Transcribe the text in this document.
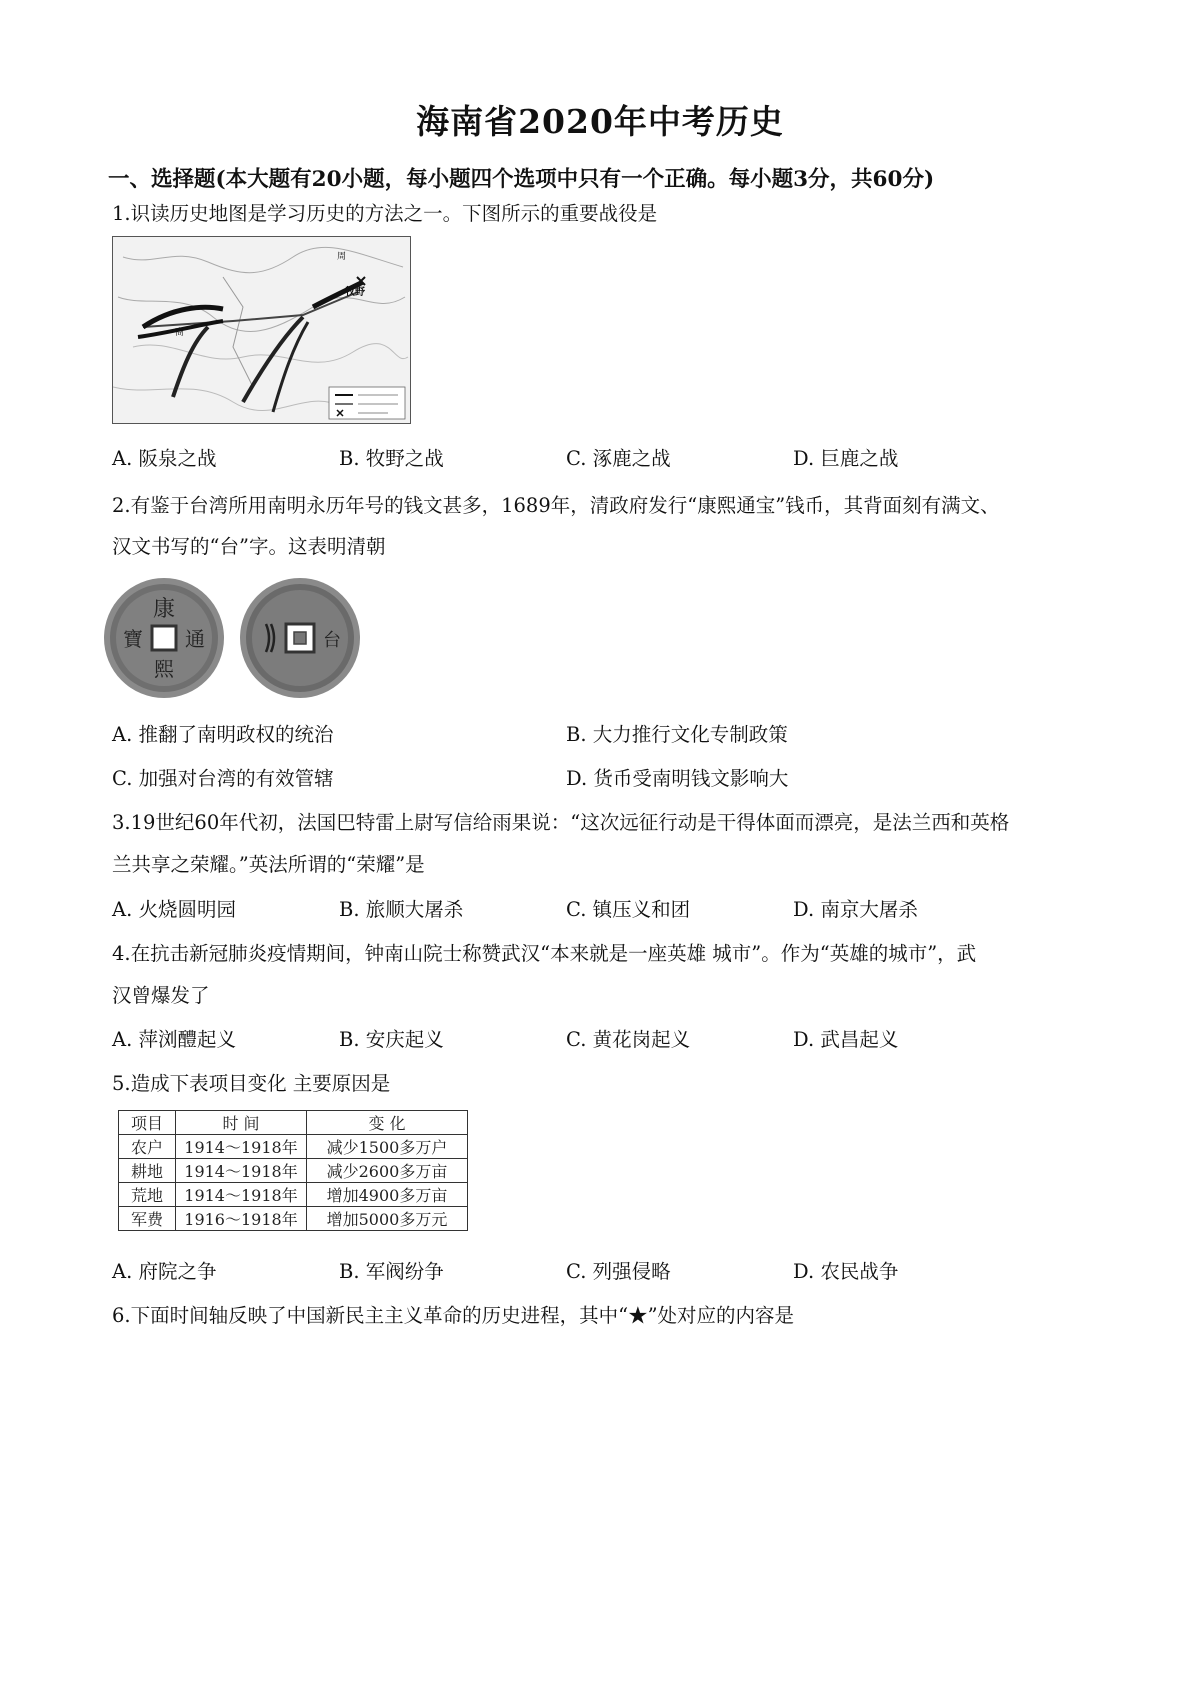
海南省2020年中考历史
一、选择题(本大题有20小题，每小题四个选项中只有一个正确。每小题3分，共60分)
1.识读历史地图是学习历史的方法之一。下图所示的重要战役是
牧野
商
周
A. 阪泉之战	B. 牧野之战	C. 涿鹿之战	D. 巨鹿之战
2.有鉴于台湾所用南明永历年号的钱文甚多，1689年，清政府发行“康熙通宝”钱币，其背面刻有满文、
汉文书写的“台”字。这表明清朝
康
通
寶
熙
台
A. 推翻了南明政权的统治	B. 大力推行文化专制政策
C. 加强对台湾的有效管辖	D. 货币受南明钱文影响大
3.19世纪60年代初，法国巴特雷上尉写信给雨果说：“这次远征行动是干得体面而漂亮，是法兰西和英格
兰共享之荣耀。”英法所谓的“荣耀”是
A. 火烧圆明园	B. 旅顺大屠杀	C. 镇压义和团	D. 南京大屠杀
4.在抗击新冠肺炎疫情期间，钟南山院士称赞武汉“本来就是一座英雄 城市”。作为“英雄的城市”，武
汉曾爆发了
A. 萍浏醴起义	B. 安庆起义	C. 黄花岗起义	D. 武昌起义
5.造成下表项目变化 主要原因是
项目	时 间	变 化
农户	1914～1918年	减少1500多万户
耕地	1914～1918年	减少2600多万亩
荒地	1914～1918年	增加4900多万亩
军费	1916～1918年	增加5000多万元
A. 府院之争	B. 军阀纷争	C. 列强侵略	D. 农民战争
6.下面时间轴反映了中国新民主主义革命的历史进程，其中“★”处对应的内容是
